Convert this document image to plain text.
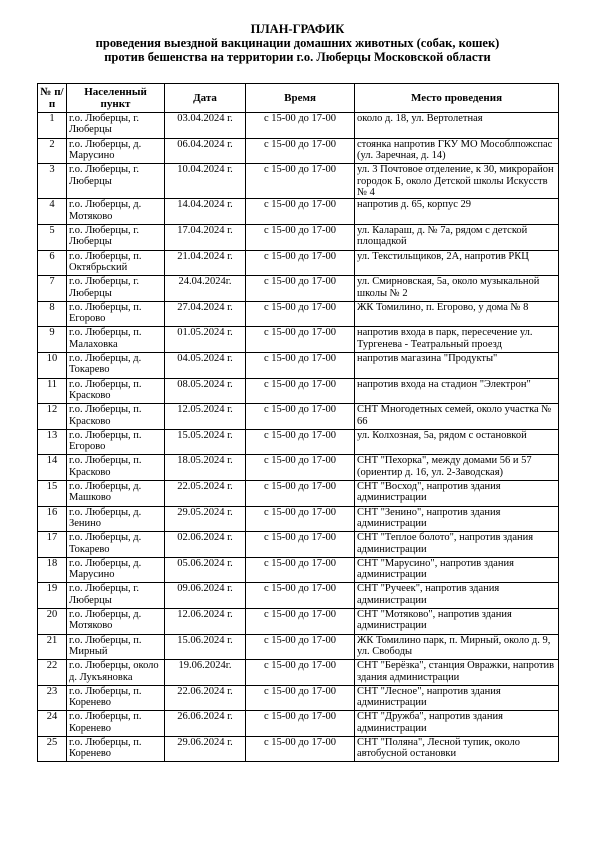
ПЛАН-ГРАФИК
проведения выездной вакцинации домашних животных (собак, кошек)
против бешенства на территории г.о. Люберцы Московской области
№ п/п	Населенный пункт	Дата	Время	Место проведения
1	г.о. Люберцы, г. Люберцы	03.04.2024 г.	с 15-00 до 17-00	около д. 18, ул. Вертолетная
2	г.о. Люберцы, д. Марусино	06.04.2024 г.	с 15-00 до 17-00	стоянка напротив ГКУ МО Мособлпожспас (ул. Заречная, д. 14)
3	г.о. Люберцы, г. Люберцы	10.04.2024 г.	с 15-00 до 17-00	ул. 3 Почтовое отделение, к 30, микрорайон городок Б, около Детской школы Искусств № 4
4	г.о. Люберцы, д. Мотяково	14.04.2024 г.	с 15-00 до 17-00	напротив д. 65, корпус 29
5	г.о. Люберцы, г. Люберцы	17.04.2024 г.	с 15-00 до 17-00	ул. Калараш, д. № 7а, рядом с детской площадкой
6	г.о. Люберцы, п. Октябрьский	21.04.2024 г.	с 15-00 до 17-00	ул. Текстильщиков, 2А, напротив РКЦ
7	г.о. Люберцы, г. Люберцы	24.04.2024г.	с 15-00 до 17-00	ул. Смирновская, 5а, около музыкальной школы № 2
8	г.о. Люберцы, п. Егорово	27.04.2024 г.	с 15-00 до 17-00	ЖК Томилино, п. Егорово, у дома № 8
9	г.о. Люберцы, п. Малаховка	01.05.2024 г.	с 15-00 до 17-00	напротив входа в парк, пересечение ул. Тургенева - Театральный проезд
10	г.о. Люберцы, д. Токарево	04.05.2024 г.	с 15-00 до 17-00	напротив магазина "Продукты"
11	г.о. Люберцы, п. Красково	08.05.2024 г.	с 15-00 до 17-00	напротив входа на стадион "Электрон"
12	г.о. Люберцы, п. Красково	12.05.2024 г.	с 15-00 до 17-00	СНТ Многодетных семей, около участка № 66
13	г.о. Люберцы, п. Егорово	15.05.2024 г.	с 15-00 до 17-00	ул. Колхозная, 5а, рядом с остановкой
14	г.о. Люберцы, п. Красково	18.05.2024 г.	с 15-00 до 17-00	СНТ "Пехорка", между домами 56 и 57 (ориентир д. 16, ул. 2-Заводская)
15	г.о. Люберцы, д. Машково	22.05.2024 г.	с 15-00 до 17-00	СНТ "Восход", напротив здания администрации
16	г.о. Люберцы, д. Зенино	29.05.2024 г.	с 15-00 до 17-00	СНТ "Зенино", напротив здания администрации
17	г.о. Люберцы, д. Токарево	02.06.2024 г.	с 15-00 до 17-00	СНТ "Теплое болото", напротив здания администрации
18	г.о. Люберцы, д. Марусино	05.06.2024 г.	с 15-00 до 17-00	СНТ "Марусино", напротив здания администрации
19	г.о. Люберцы, г. Люберцы	09.06.2024 г.	с 15-00 до 17-00	СНТ "Ручеек", напротив здания администрации
20	г.о. Люберцы, д. Мотяково	12.06.2024 г.	с 15-00 до 17-00	СНТ "Мотяково", напротив здания администрации
21	г.о. Люберцы, п. Мирный	15.06.2024 г.	с 15-00 до 17-00	ЖК Томилино парк, п. Мирный, около д. 9, ул. Свободы
22	г.о. Люберцы, около д. Лукъяновка	19.06.2024г.	с 15-00 до 17-00	СНТ "Берёзка", станция Овражки, напротив здания администрации
23	г.о. Люберцы, п. Коренево	22.06.2024 г.	с 15-00 до 17-00	СНТ "Лесное", напротив здания администрации
24	г.о. Люберцы, п. Коренево	26.06.2024 г.	с 15-00 до 17-00	СНТ "Дружба", напротив здания администрации
25	г.о. Люберцы, п. Коренево	29.06.2024 г.	с 15-00 до 17-00	СНТ "Поляна", Лесной тупик, около автобусной остановки
